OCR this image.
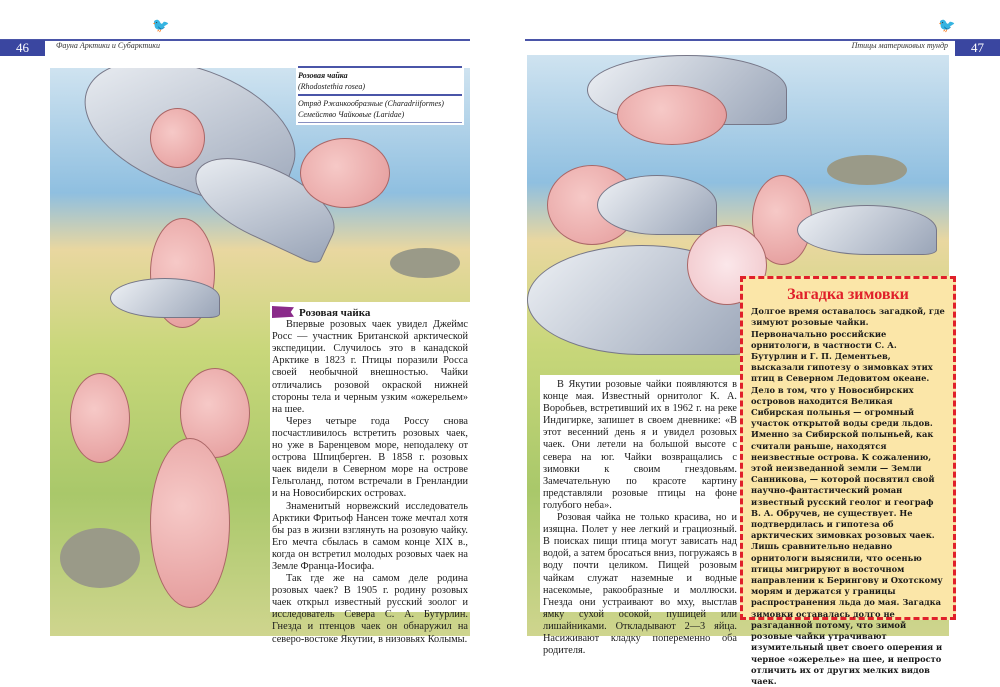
🐦
46	Фауна Арктики и Субарктики
Розовая чайка
(Rhodostethia rosea)
Отряд Ржанкообразные (Charadriiformes)
Семейство Чайковые (Laridae)
Розовая чайка

Впервые розовых чаек увидел Джеймс Росс — участник Британской арктической экспедиции. Случилось это в канадской Арктике в 1823 г. Птицы поразили Росса своей необычной внешностью. Чайки отличались розовой окраской нижней стороны тела и черным узким «ожерельем» на шее.

Через четыре года Россу снова посчастливилось встретить розовых чаек, но уже в Баренцевом море, неподалеку от острова Шпицберген. В 1858 г. розовых чаек видели в Северном море на острове Гельголанд, потом встречали в Гренландии и на Новосибирских островах.

Знаменитый норвежский исследователь Арктики Фритьоф Нансен тоже мечтал хотя бы раз в жизни взглянуть на розовую чайку. Его мечта сбылась в самом конце XIX в., когда он встретил молодых розовых чаек на Земле Франца-Иосифа.

Так где же на самом деле родина розовых чаек? В 1905 г. родину розовых чаек открыл известный русский зоолог и исследователь Севера С. А. Бутурлин. Гнезда и птенцов чаек он обнаружил на северо-востоке Якутии, в низовьях Колымы.

🐦
47
Птицы материковых тундр

В Якутии розовые чайки появляются в конце мая. Известный орнитолог К. А. Воробьев, встретивший их в 1962 г. на реке Индигирке, запишет в своем дневнике: «В этот весенний день я и увидел розовых чаек. Они летели на большой высоте с севера на юг. Чайки возвращались с зимовки к своим гнездовьям. Замечательную по красоте картину представляли розовые птицы на фоне голубого неба».

Розовая чайка не только красива, но и изящна. Полет у нее легкий и грациозный. В поисках пищи птица могут зависать над водой, а затем бросаться вниз, погружаясь в воду почти целиком. Пищей розовым чайкам служат наземные и водные насекомые, ракообразные и моллюски. Гнезда они устраивают во мху, выстлав ямку сухой осокой, пушицей или лишайниками. Откладывают 2—3 яйца. Насиживают кладку попеременно оба родителя.

Загадка зимовки
Долгое время оставалось загадкой, где зимуют розовые чайки. Первоначально российские орнитологи, в частности С. А. Бутурлин и Г. П. Дементьев, высказали гипотезу о зимовках этих птиц в Северном Ледовитом океане.
Дело в том, что у Новосибирских островов находится Великая Сибирская полынья — огромный участок открытой воды среди льдов. Именно за Сибирской полыньей, как считали раньше, находятся неизвестные острова. К сожалению, этой неизведанной земли — Земли Санникова, — которой посвятил свой научно-фантастический роман известный русский геолог и географ В. А. Обручев, не существует. Не подтвердилась и гипотеза об арктических зимовках розовых чаек.
Лишь сравнительно недавно орнитологи выяснили, что осенью птицы мигрируют в восточном направлении к Берингову и Охотскому морям и держатся у границы распространения льда до мая. Загадка зимовки оставалась долго не разгаданной потому, что зимой розовые чайки утрачивают изумительный цвет своего оперения и черное «ожерелье» на шее, и непросто отличить их от других мелких видов чаек.
